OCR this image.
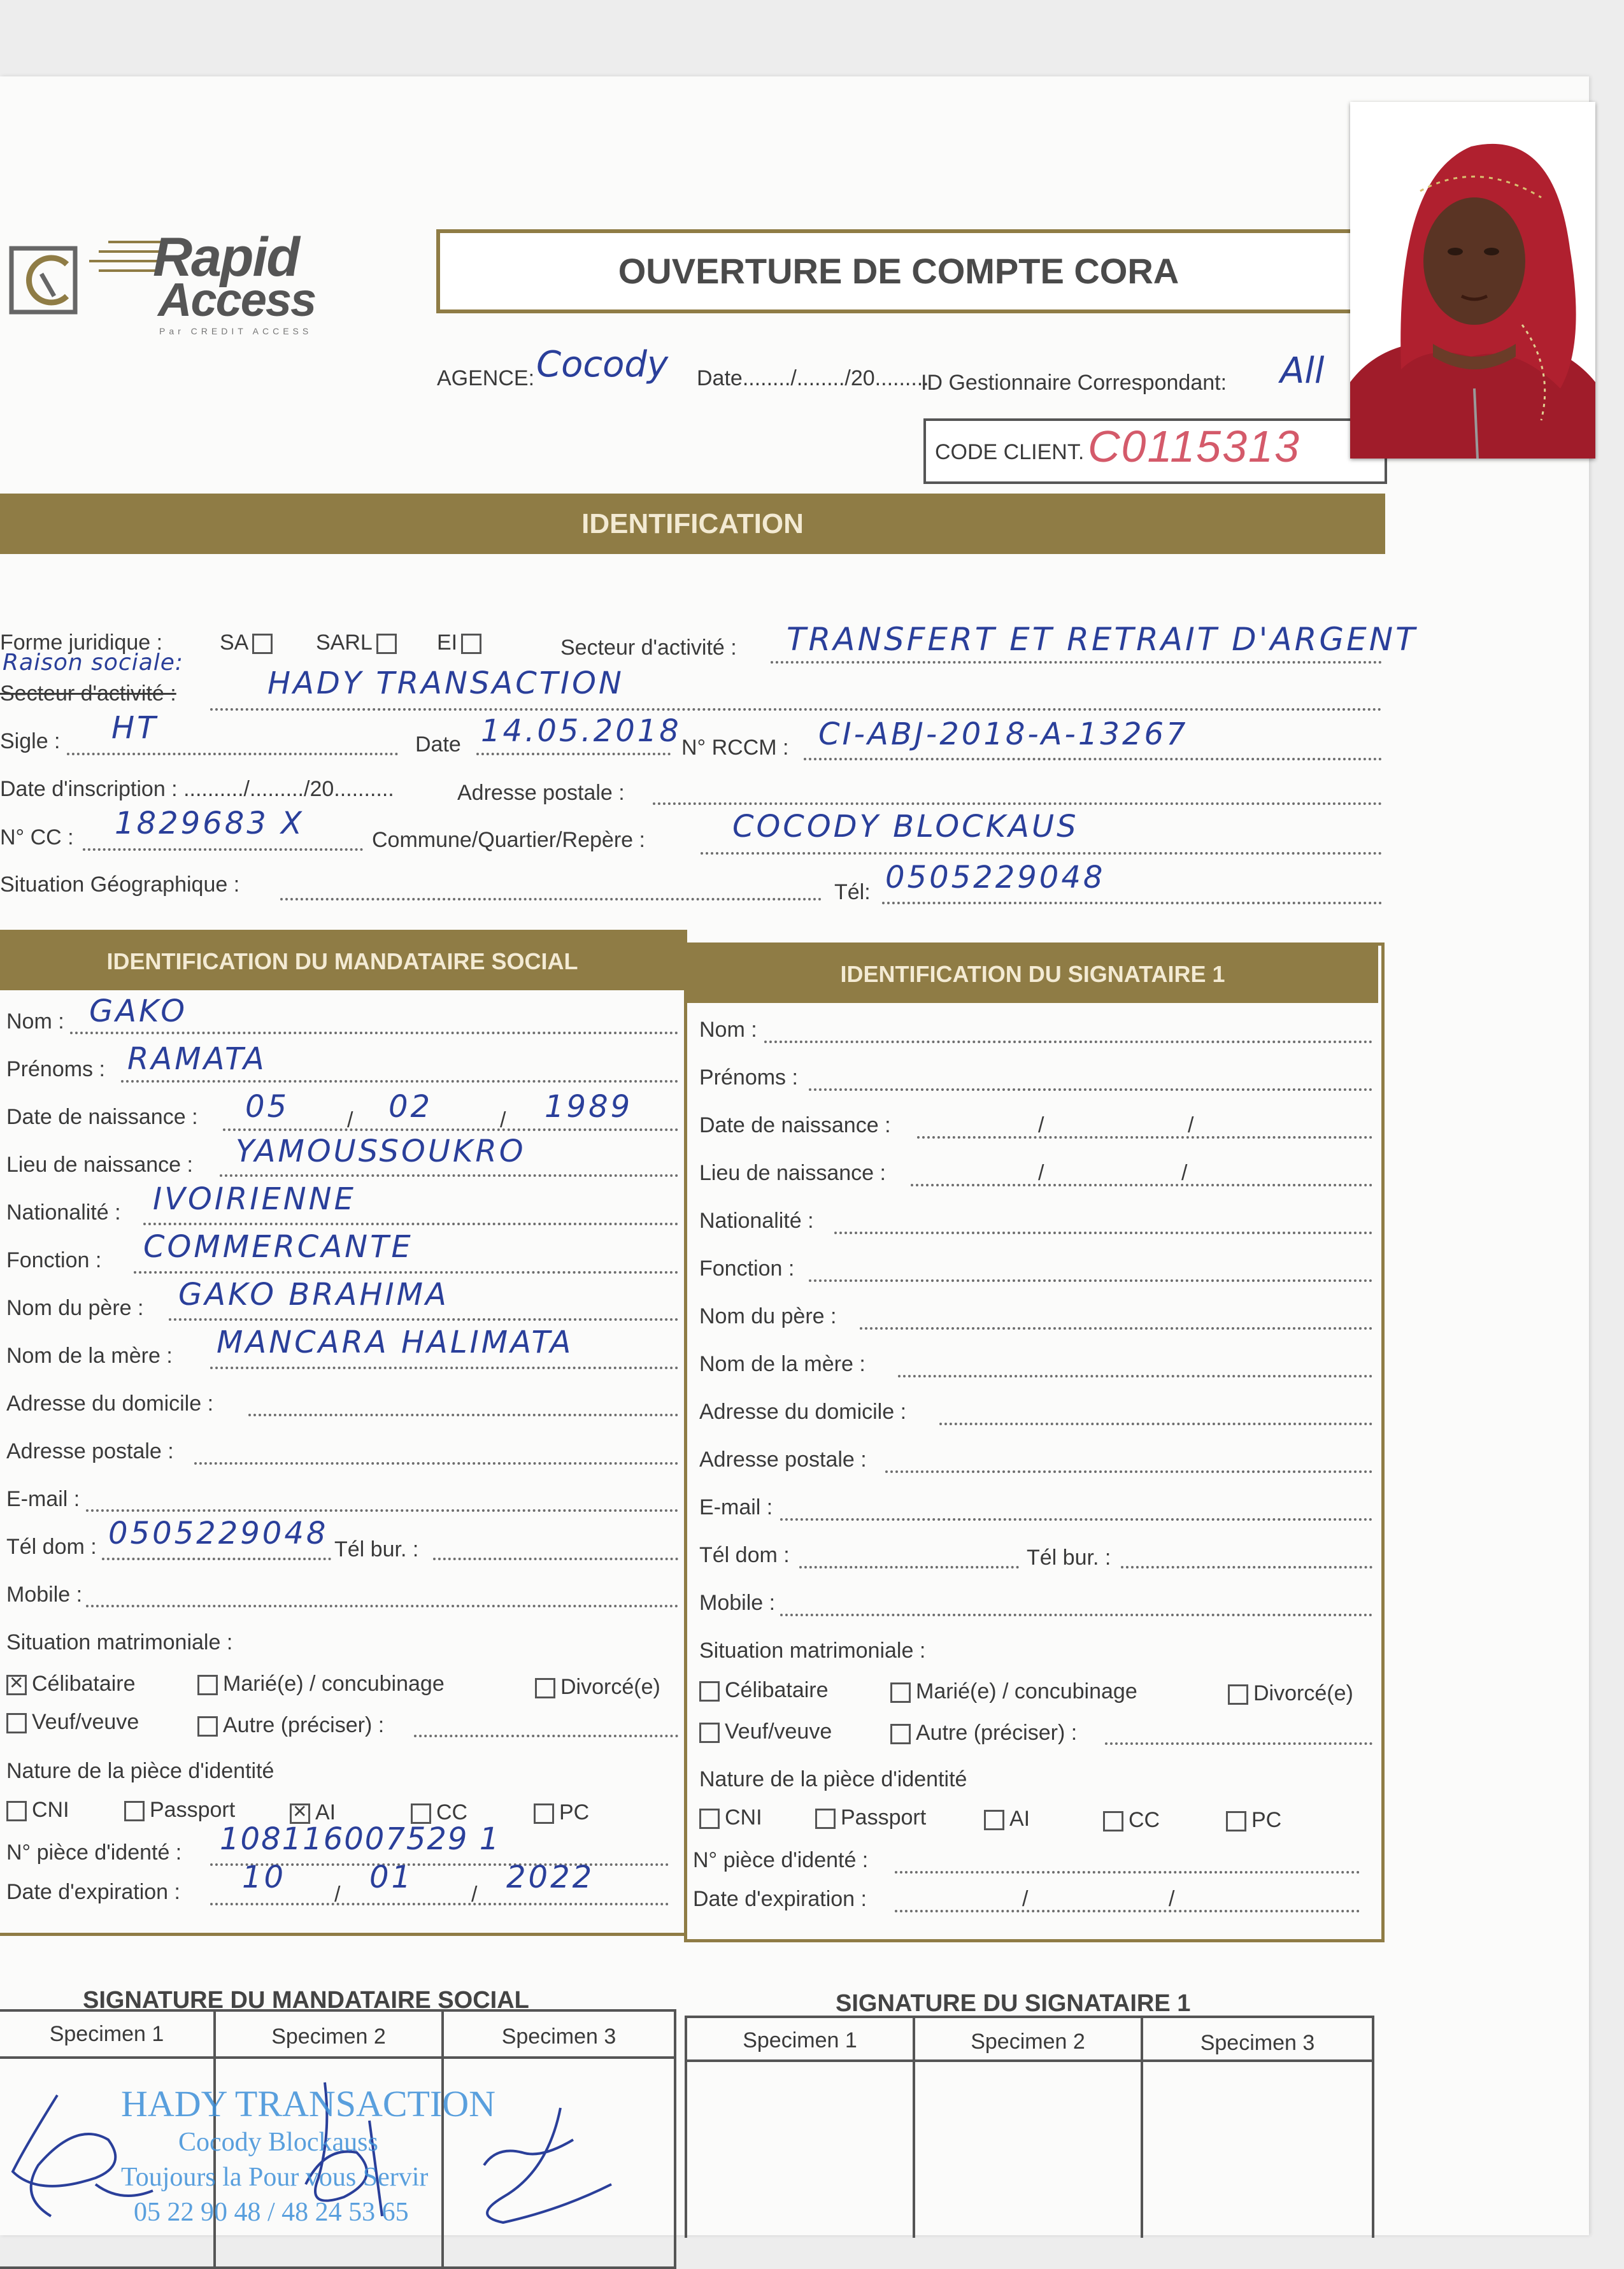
Rapid
Access
Par CREDIT ACCESS
OUVERTURE DE COMPTE CORA
AGENCE: Cocody Date......../......../20.........
ID Gestionnaire Correspondant: All
CODE CLIENT. C0115313
IDENTIFICATION
Forme juridique :	SA	SARL	EI	Secteur d'activité : TRANSFERT ET RETRAIT D'ARGENT
Raison sociale:
Secteur d'activité :	HADY TRANSACTION
Sigle : HT	Date 14.05.2018 N° RCCM : CI-ABJ-2018-A-13267
Date d'inscription : ........../........./20..........	Adresse postale :
N° CC : 1829683 X	Commune/Quartier/Repère :	COCODY BLOCKAUS
Situation Géographique :	Tél: 0505229048
IDENTIFICATION DU MANDATAIRE SOCIAL	IDENTIFICATION DU SIGNATAIRE 1
Nom : GAKO
Prénoms : RAMATA
Date de naissance : 05	/ 02	/ 1989
Lieu de naissance : YAMOUSSOUKRO
Nationalité : IVOIRIENNE
Fonction : COMMERCANTE
Nom du père : GAKO BRAHIMA
Nom de la mère : MANCARA HALIMATA
Adresse du domicile :
Adresse postale :
E-mail :
Tél dom : 0505229048 Tél bur. :
Mobile :
Situation matrimoniale :
✕Célibataire	Marié(e) / concubinage	Divorcé(e)
Veuf/veuve	Autre (préciser) :
Nature de la pièce d'identité
CNI	Passport
✕	AI	CC	PC
N° pièce d'identé : 108116007529 1
Date d'expiration : 10 / 01	/ 2022
Nom :
Prénoms :
Date de naissance :	/	/
Lieu de naissance :	/	/
Nationalité :
Fonction :
Nom du père :
Nom de la mère :
Adresse du domicile :
Adresse postale :
E-mail :
Tél dom :	Tél bur. :
Mobile :
Situation matrimoniale :
Célibataire	Marié(e) / concubinage	Divorcé(e)
Veuf/veuve	Autre (préciser) :
Nature de la pièce d'identité
CNI	Passport	AI	CC	PC
N° pièce d'identé :
Date d'expiration :	/	/
SIGNATURE DU MANDATAIRE SOCIAL	SIGNATURE DU SIGNATAIRE 1
Specimen 1	Specimen 2	Specimen 3
HADY TRANSACTION
Cocody Blockauss
Toujours la Pour vous Servir
05 22 90 48 / 48 24 53 65
Specimen 1	Specimen 2	Specimen 3
